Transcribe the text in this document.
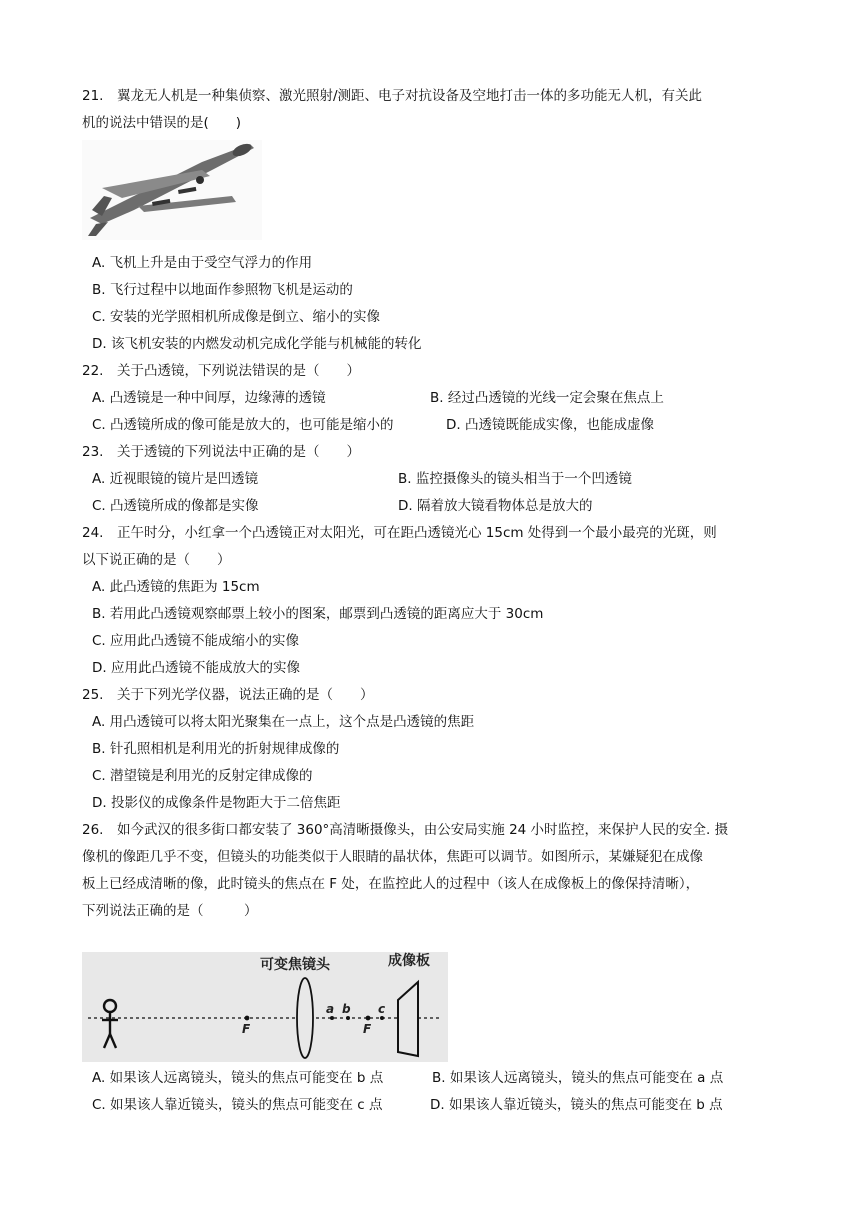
21.　翼龙无人机是一种集侦察、激光照射/测距、电子对抗设备及空地打击一体的多功能无人机，有关此
机的说法中错误的是(　　)
A. 飞机上升是由于受空气浮力的作用
B. 飞行过程中以地面作参照物飞机是运动的
C. 安装的光学照相机所成像是倒立、缩小的实像
D. 该飞机安装的内燃发动机完成化学能与机械能的转化
22.　关于凸透镜，下列说法错误的是（　　）
A. 凸透镜是一种中间厚，边缘薄的透镜	B. 经过凸透镜的光线一定会聚在焦点上
C. 凸透镜所成的像可能是放大的，也可能是缩小的	D. 凸透镜既能成实像，也能成虚像
23.　关于透镜的下列说法中正确的是（　　）
A. 近视眼镜的镜片是凹透镜	B. 监控摄像头的镜头相当于一个凹透镜
C. 凸透镜所成的像都是实像	D. 隔着放大镜看物体总是放大的
24.　正午时分，小红拿一个凸透镜正对太阳光，可在距凸透镜光心 15cm 处得到一个最小最亮的光斑，则
以下说正确的是（　　）
A. 此凸透镜的焦距为 15cm
B. 若用此凸透镜观察邮票上较小的图案，邮票到凸透镜的距离应大于 30cm
C. 应用此凸透镜不能成缩小的实像
D. 应用此凸透镜不能成放大的实像
25.　关于下列光学仪器，说法正确的是（　　）
A. 用凸透镜可以将太阳光聚集在一点上，这个点是凸透镜的焦距
B. 针孔照相机是利用光的折射规律成像的
C. 潜望镜是利用光的反射定律成像的
D. 投影仪的成像条件是物距大于二倍焦距
26.　如今武汉的很多街口都安装了 360°高清晰摄像头，由公安局实施 24 小时监控，来保护人民的安全. 摄
像机的像距几乎不变，但镜头的功能类似于人眼睛的晶状体，焦距可以调节。如图所示，某嫌疑犯在成像
板上已经成清晰的像，此时镜头的焦点在 F 处，在监控此人的过程中（该人在成像板上的像保持清晰），
下列说法正确的是（　　　）
可变焦镜头	成像板
F
a b
F
c
A. 如果该人远离镜头，镜头的焦点可能变在 b 点	B. 如果该人远离镜头，镜头的焦点可能变在 a 点
C. 如果该人靠近镜头，镜头的焦点可能变在 c 点	D. 如果该人靠近镜头，镜头的焦点可能变在 b 点
